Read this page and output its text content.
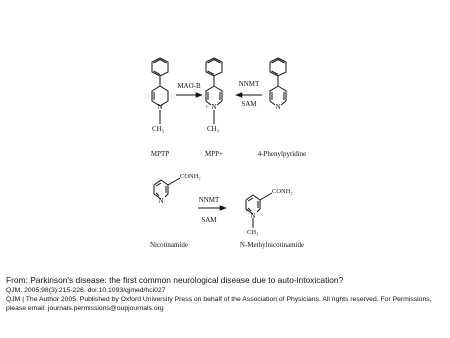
N
CH₃
N
+
CH₃
N
N
CONH₂
N
+
CONH₂
CH₃
MAO-B	NNMT
SAM
NNMT
SAM
MPTP	MPP+	4-Phenylpyridine
Nicotinamide	N-Methylnicotinamide
From: Parkinson's disease: the first common neurological disease due to auto-intoxication?
QJM. 2005;98(3):215-226. doi:10.1093/qjmed/hci027
QJM | The Author 2005. Published by Oxford University Press on behalf of the Association of Physicians. All rights reserved. For Permissions, please email: journals.permissions@oupjournals.org
